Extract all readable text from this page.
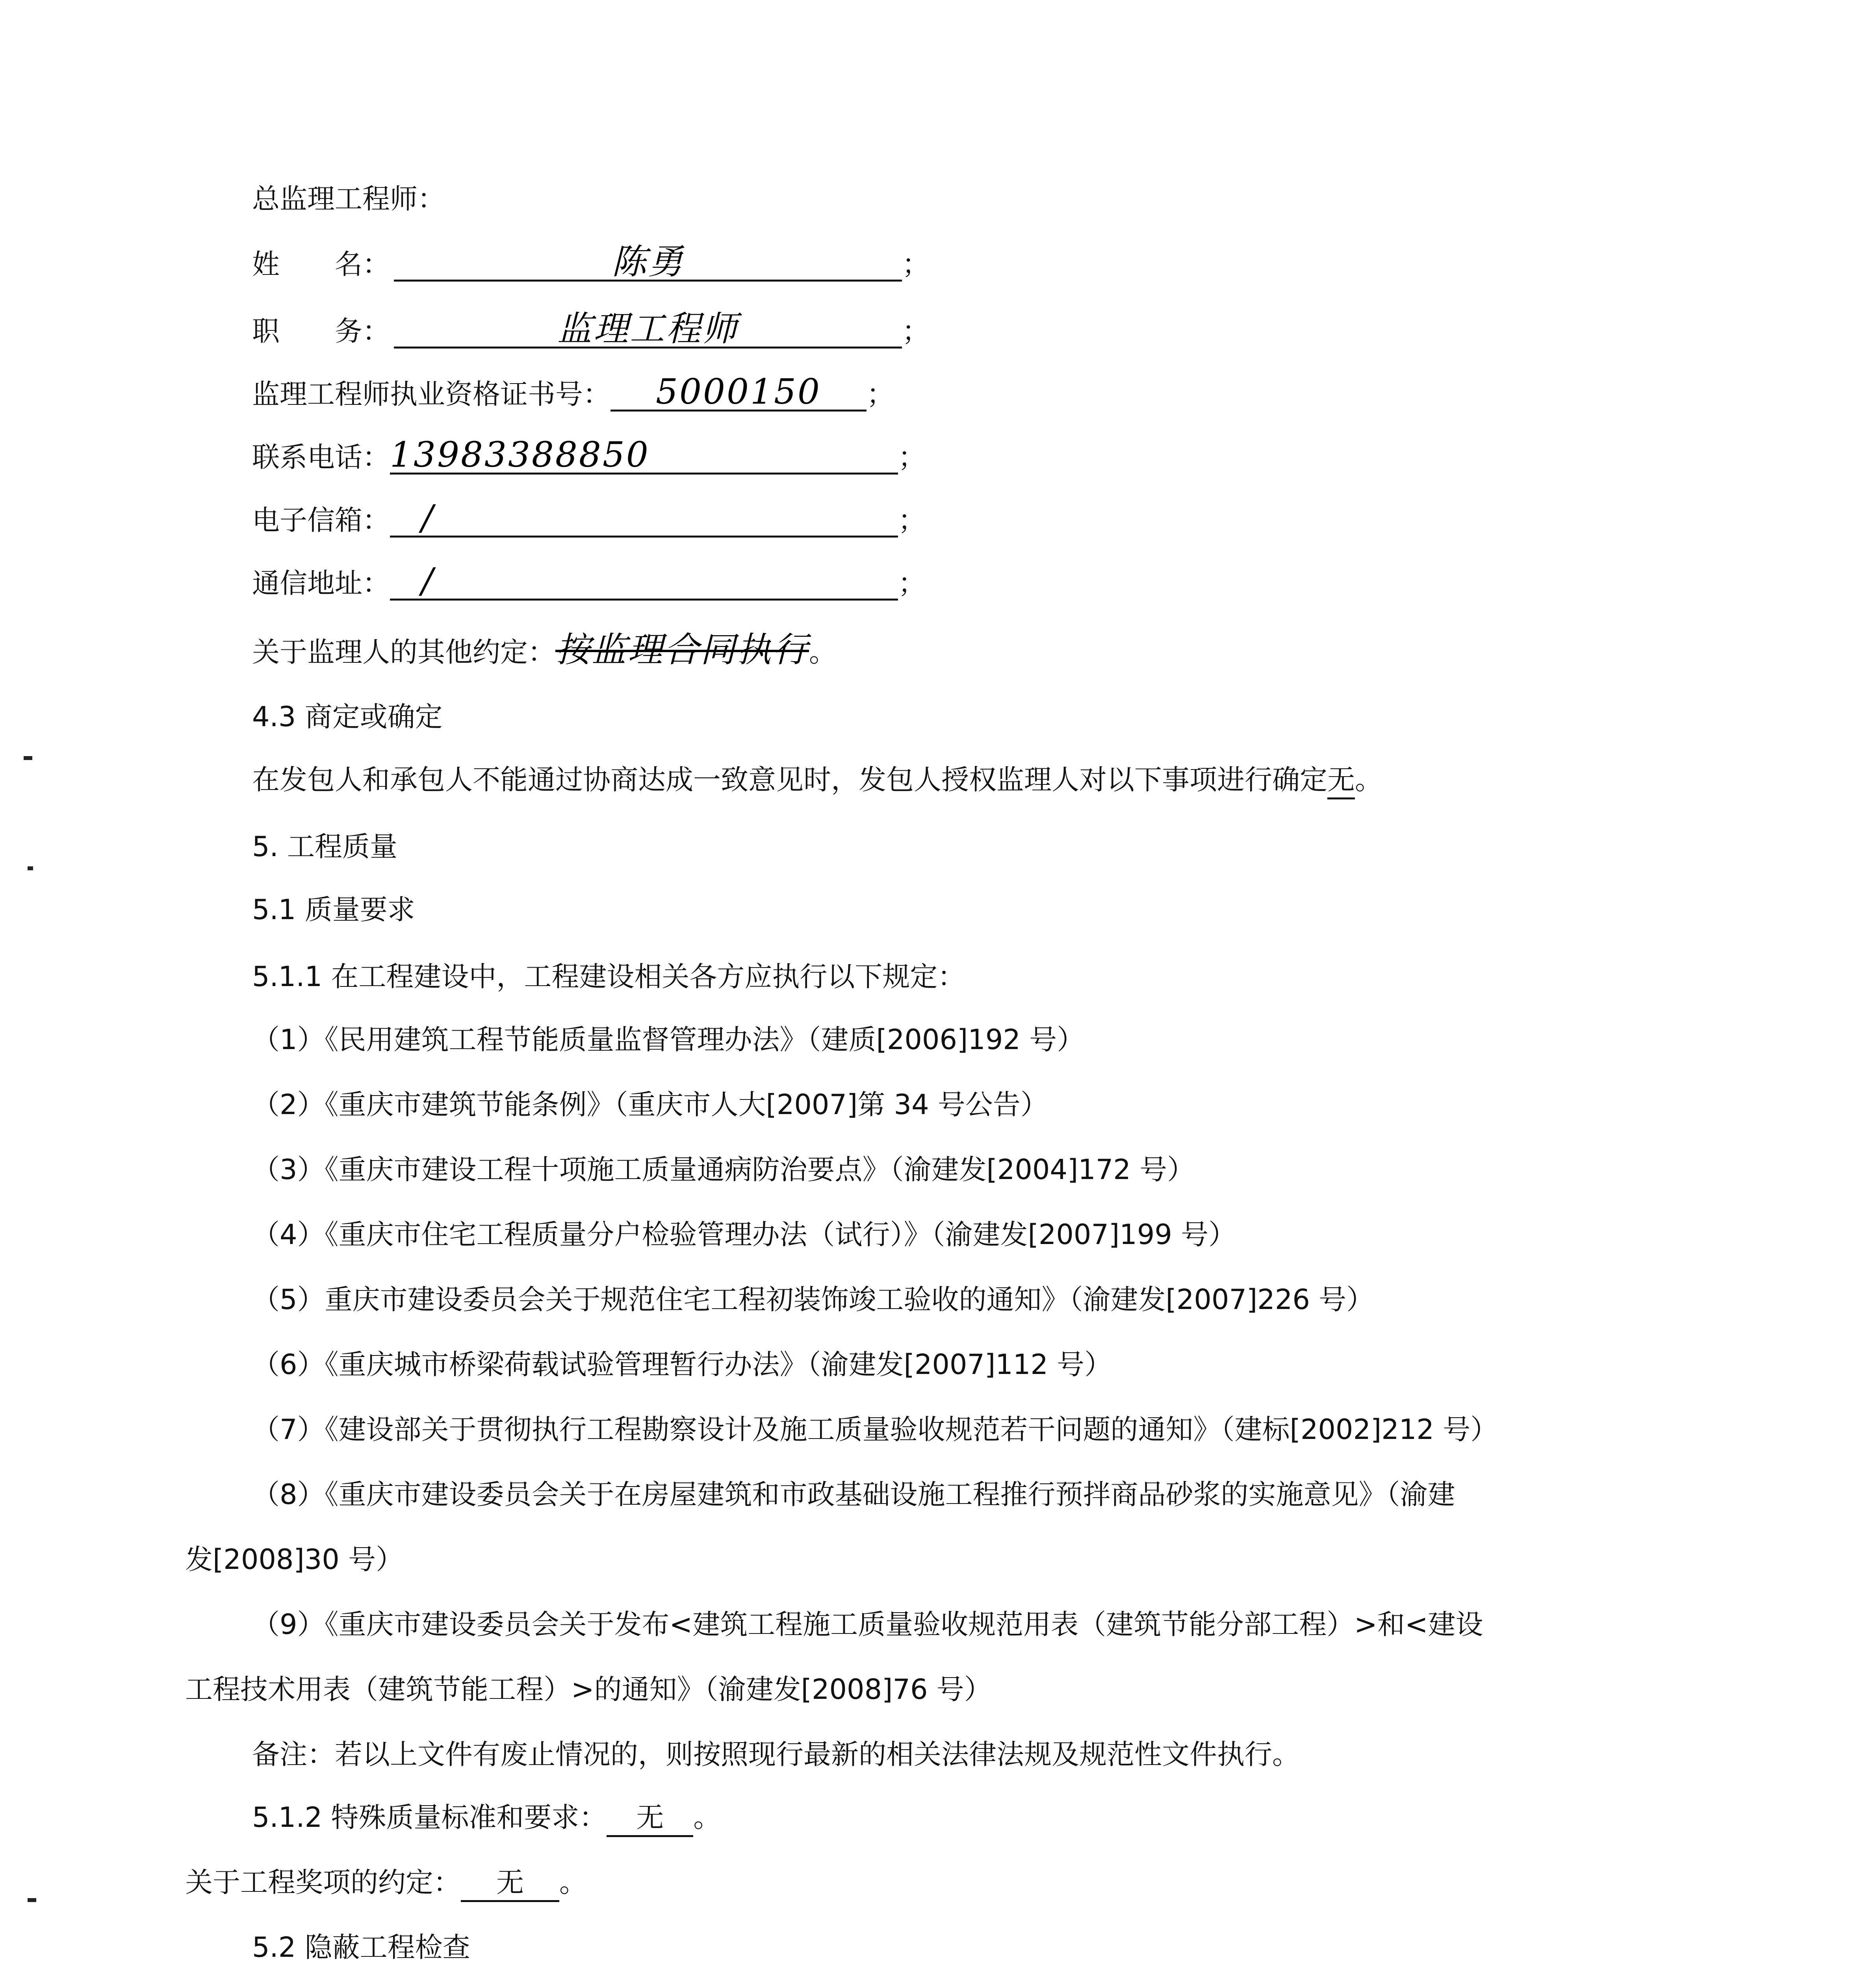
总监理工程师：
姓　　名：	陈勇	；
职　　务：	监理工程师	；
监理工程师执业资格证书号： 5000150 ；
联系电话：13983388850	；
电子信箱： /	；
通信地址： /	；
关于监理人的其他约定：按监理合同执行。
4.3 商定或确定
在发包人和承包人不能通过协商达成一致意见时，发包人授权监理人对以下事项进行确定无。
5. 工程质量
5.1 质量要求
5.1.1 在工程建设中，工程建设相关各方应执行以下规定：
（1）《民用建筑工程节能质量监督管理办法》（建质[2006]192 号）
（2）《重庆市建筑节能条例》（重庆市人大[2007]第 34 号公告）
（3）《重庆市建设工程十项施工质量通病防治要点》（渝建发[2004]172 号）
（4）《重庆市住宅工程质量分户检验管理办法（试行）》（渝建发[2007]199 号）
（5）重庆市建设委员会关于规范住宅工程初装饰竣工验收的通知》（渝建发[2007]226 号）
（6）《重庆城市桥梁荷载试验管理暂行办法》（渝建发[2007]112 号）
（7）《建设部关于贯彻执行工程勘察设计及施工质量验收规范若干问题的通知》（建标[2002]212 号）
（8）《重庆市建设委员会关于在房屋建筑和市政基础设施工程推行预拌商品砂浆的实施意见》（渝建
发[2008]30 号）
（9）《重庆市建设委员会关于发布<建筑工程施工质量验收规范用表（建筑节能分部工程）>和<建设
工程技术用表（建筑节能工程）>的通知》（渝建发[2008]76 号）
备注：若以上文件有废止情况的，则按照现行最新的相关法律法规及规范性文件执行。
5.1.2 特殊质量标准和要求： 无 。
关于工程奖项的约定： 无 。
5.2 隐蔽工程检查
